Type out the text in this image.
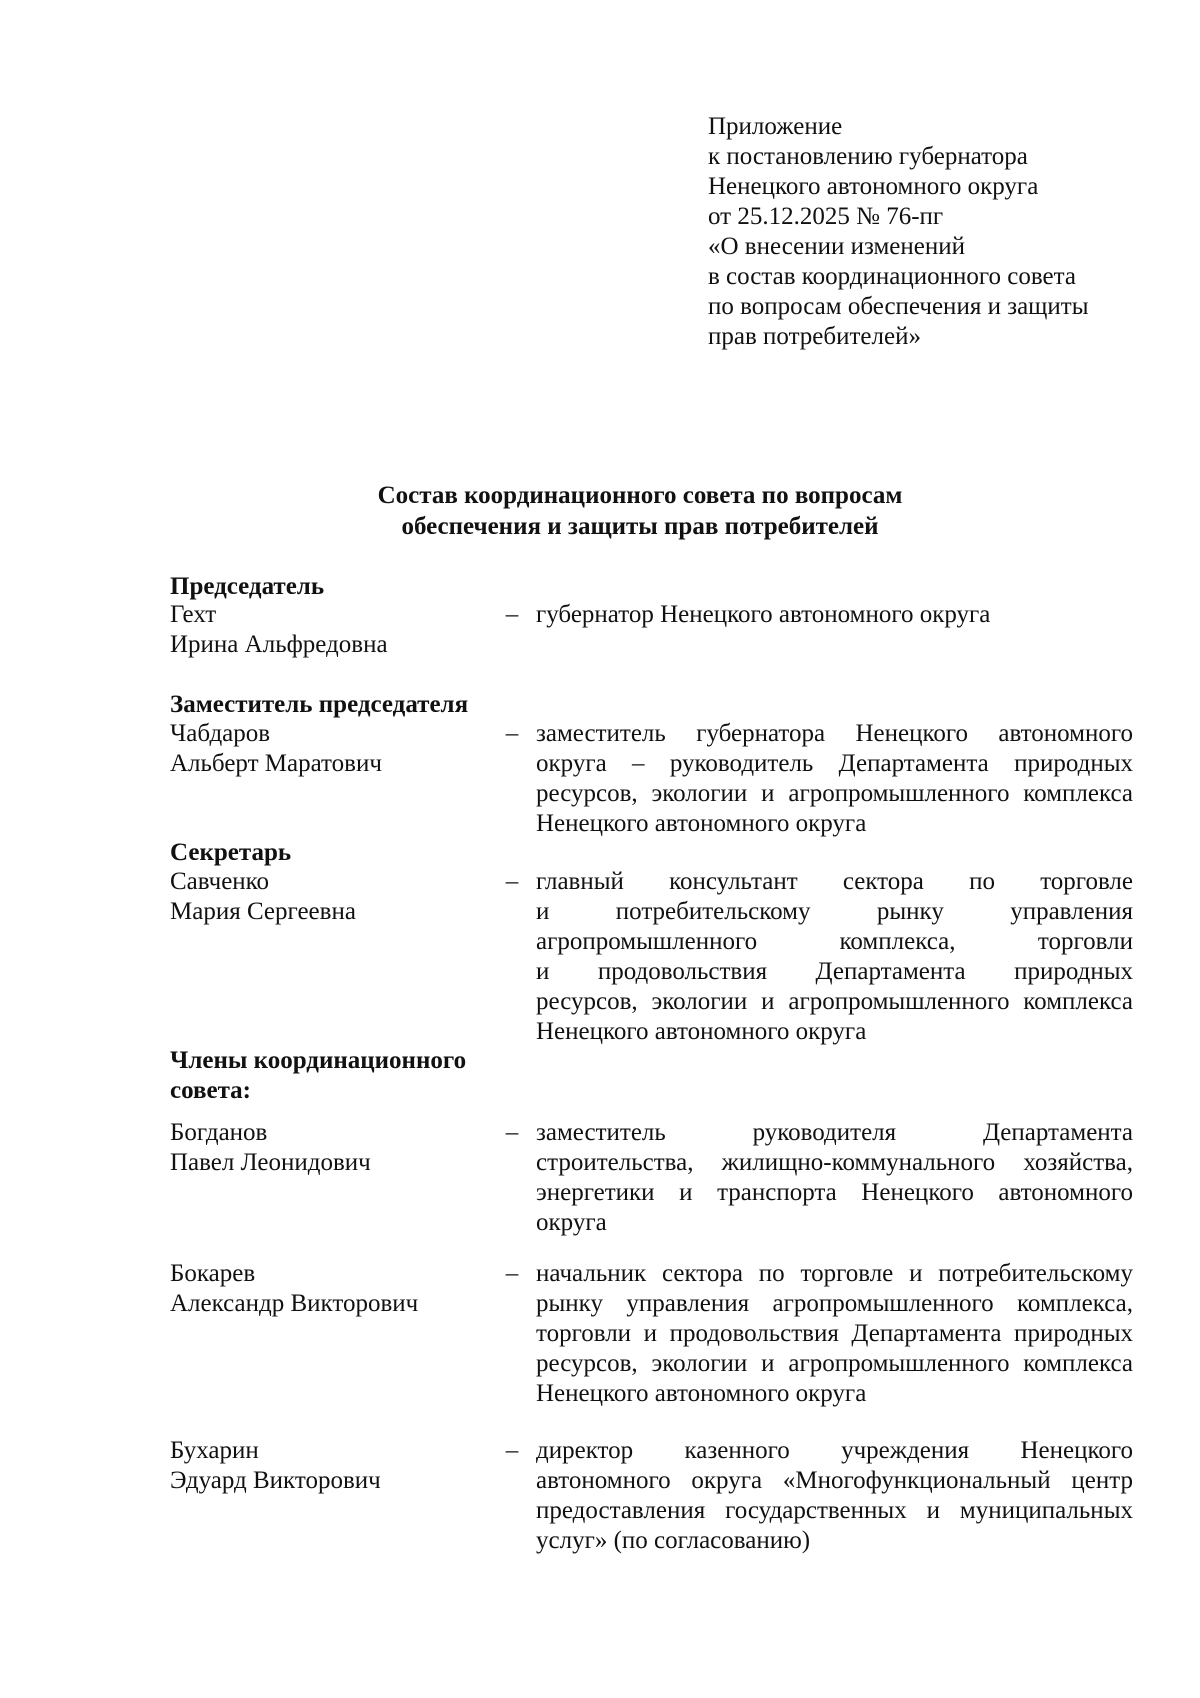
Приложение
к постановлению губернатора
Ненецкого автономного округа
от 25.12.2025 № 76-пг
«О внесении изменений
в состав координационного совета
по вопросам обеспечения и защиты
прав потребителей»
Состав координационного совета по вопросам
обеспечения и защиты прав потребителей
Председатель
Гехт
Ирина Альфредовна
– губернатор Ненецкого автономного округа
Заместитель председателя
Чабдаров
Альберт Маратович
– заместитель губернатора Ненецкого автономного
округа – руководитель Департамента природных
ресурсов, экологии и агропромышленного комплекса
Ненецкого автономного округа
Секретарь
Савченко
Мария Сергеевна
– главный консультант сектора по торговле
и потребительскому рынку управления
агропромышленного комплекса, торговли
и продовольствия Департамента природных
ресурсов, экологии и агропромышленного комплекса
Ненецкого автономного округа
Члены координационного
совета:
Богданов
Павел Леонидович
– заместитель руководителя Департамента
строительства, жилищно-коммунального хозяйства,
энергетики и транспорта Ненецкого автономного
округа
Бокарев
Александр Викторович
– начальник сектора по торговле и потребительскому
рынку управления агропромышленного комплекса,
торговли и продовольствия Департамента природных
ресурсов, экологии и агропромышленного комплекса
Ненецкого автономного округа
Бухарин
Эдуард Викторович
– директор казенного учреждения Ненецкого
автономного округа «Многофункциональный центр
предоставления государственных и муниципальных
услуг» (по согласованию)
